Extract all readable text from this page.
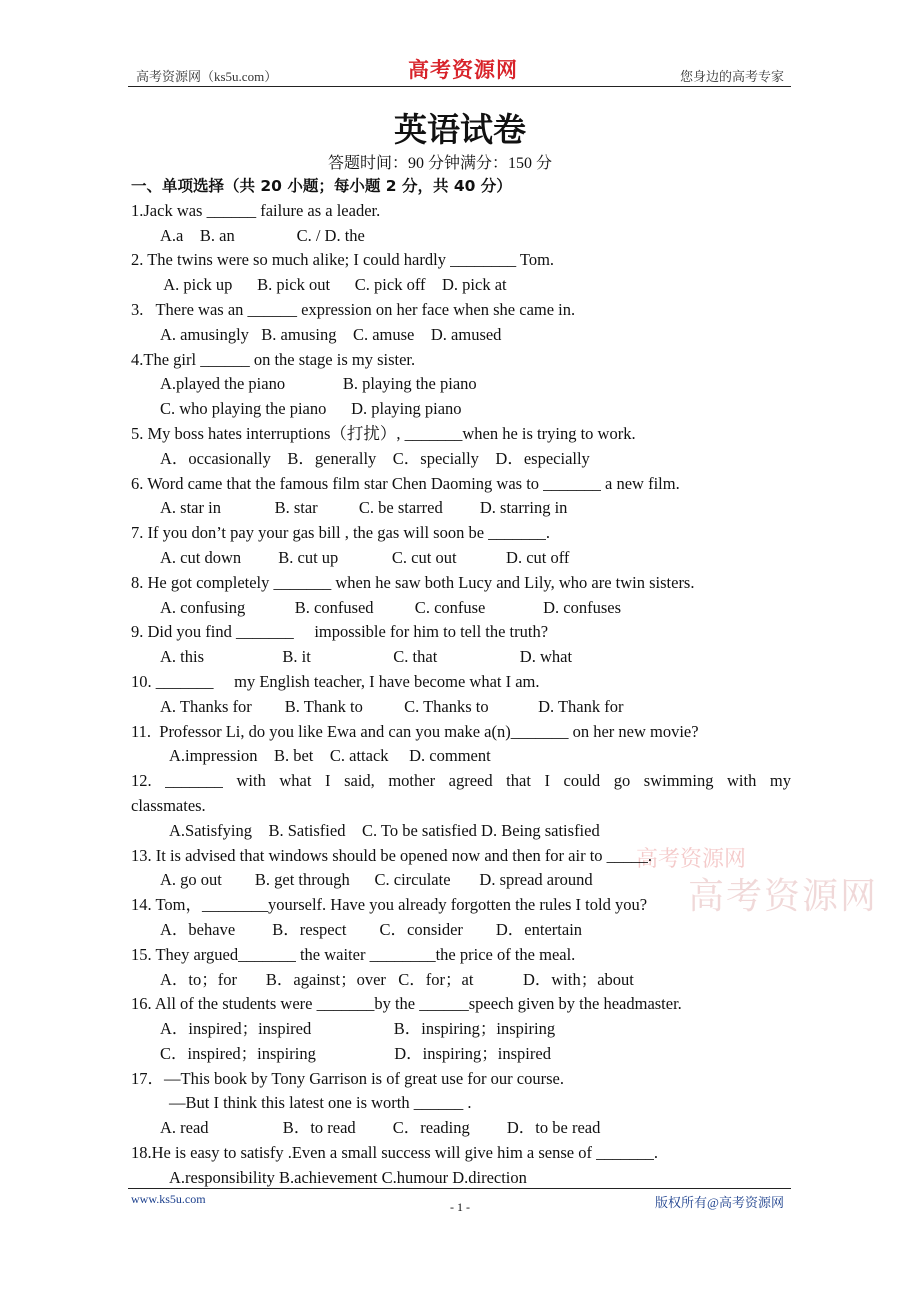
高考资源网（ks5u.com）	高考资源网	您身边的高考专家
英语试卷
答题时间：90 分钟满分：150 分
高考资源网
高考资源网
一、单项选择（共 20 小题；每小题 2 分，共 40 分）
1.Jack was ______ failure as a leader.
A.a    B. an               C. / D. the
2. The twins were so much alike; I could hardly ________ Tom.
A. pick up      B. pick out      C. pick off    D. pick at
3.   There was an ______ expression on her face when she came in.
A. amusingly   B. amusing    C. amuse    D. amused
4.The girl ______ on the stage is my sister.
A.played the piano              B. playing the piano
C. who playing the piano      D. playing piano
5. My boss hates interruptions（打扰）, _______when he is trying to work.
A．occasionally    B．generally    C．specially    D．especially
6. Word came that the famous film star Chen Daoming was to _______ a new film.
A. star in             B. star          C. be starred         D. starring in
7. If you don’t pay your gas bill , the gas will soon be _______.
A. cut down         B. cut up             C. cut out            D. cut off
8. He got completely _______ when he saw both Lucy and Lily, who are twin sisters.
A. confusing            B. confused          C. confuse              D. confuses
9. Did you find _______     impossible for him to tell the truth?
A. this                   B. it                    C. that                    D. what
10. _______     my English teacher, I have become what I am.
A. Thanks for        B. Thank to          C. Thanks to            D. Thank for
11.  Professor Li, do you like Ewa and can you make a(n)_______ on her new movie?
A.impression    B. bet    C. attack     D. comment
12. _______ with what I said, mother agreed that I could go swimming with my
classmates.
A.Satisfying    B. Satisfied    C. To be satisfied D. Being satisfied
13. It is advised that windows should be opened now and then for air to _____.
A. go out        B. get through      C. circulate       D. spread around
14. Tom，________yourself. Have you already forgotten the rules I told you?
A．behave         B．respect        C．consider        D．entertain
15. They argued_______ the waiter ________the price of the meal.
A．to；for       B．against；over   C．for；at            D．with；about
16. All of the students were _______by the ______speech given by the headmaster.
A．inspired；inspired                    B．inspiring；inspiring
C．inspired；inspiring                   D．inspiring；inspired
17．—This book by Tony Garrison is of great use for our course.
—But I think this latest one is worth ______ .
A. read                  B．to read         C．reading         D．to be read
18.He is easy to satisfy .Even a small success will give him a sense of _______.
A.responsibility B.achievement C.humour D.direction
www.ks5u.com
- 1 -	版权所有@高考资源网
